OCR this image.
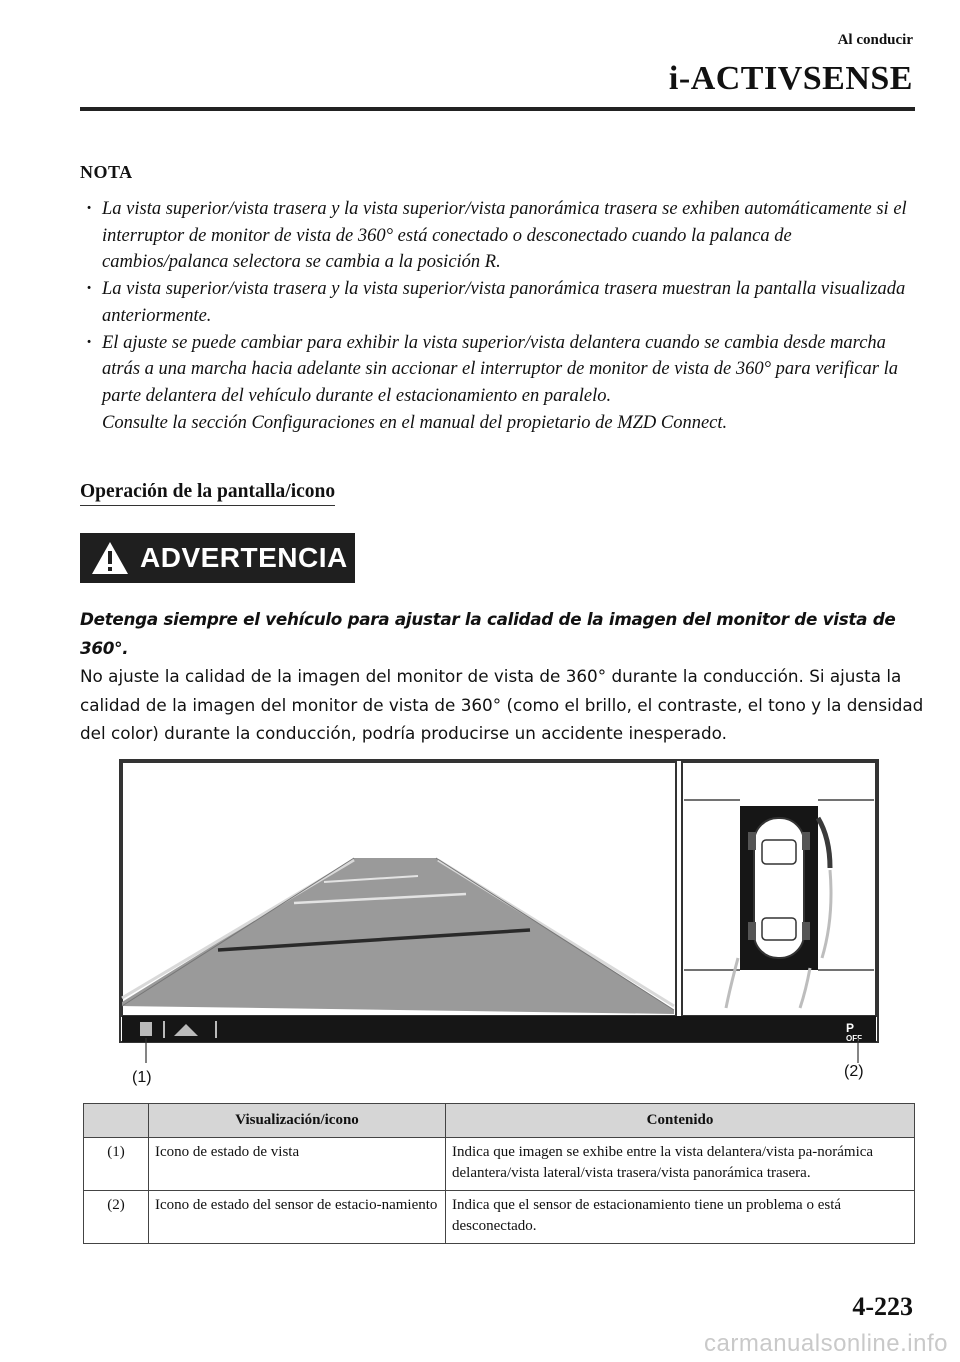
Al conducir
i-ACTIVSENSE
NOTA
· La vista superior/vista trasera y la vista superior/vista panorámica trasera se exhiben automáticamente si el interruptor de monitor de vista de 360° está conectado o desconectado cuando la palanca de cambios/palanca selectora se cambia a la posición R.
· La vista superior/vista trasera y la vista superior/vista panorámica trasera muestran la pantalla visualizada anteriormente.
· El ajuste se puede cambiar para exhibir la vista superior/vista delantera cuando se cambia desde marcha atrás a una marcha hacia adelante sin accionar el interruptor de monitor de vista de 360° para verificar la parte delantera del vehículo durante el estacionamiento en paralelo.
Consulte la sección Configuraciones en el manual del propietario de MZD Connect.
Operación de la pantalla/icono
ADVERTENCIA
Detenga siempre el vehículo para ajustar la calidad de la imagen del monitor de vista de 360°.
No ajuste la calidad de la imagen del monitor de vista de 360° durante la conducción. Si ajusta la calidad de la imagen del monitor de vista de 360° (como el brillo, el contraste, el tono y la densidad del color) durante la conducción, podría producirse un accidente inesperado.
P
OFF
(1)	(2)
	Visualización/icono	Contenido
(1)	Icono de estado de vista	Indica que imagen se exhibe entre la vista delantera/vista pa-norámica delantera/vista lateral/vista trasera/vista panorámica trasera.
(2)	Icono de estado del sensor de estacio-namiento	Indica que el sensor de estacionamiento tiene un problema o está desconectado.
4-223
carmanualsonline.info
